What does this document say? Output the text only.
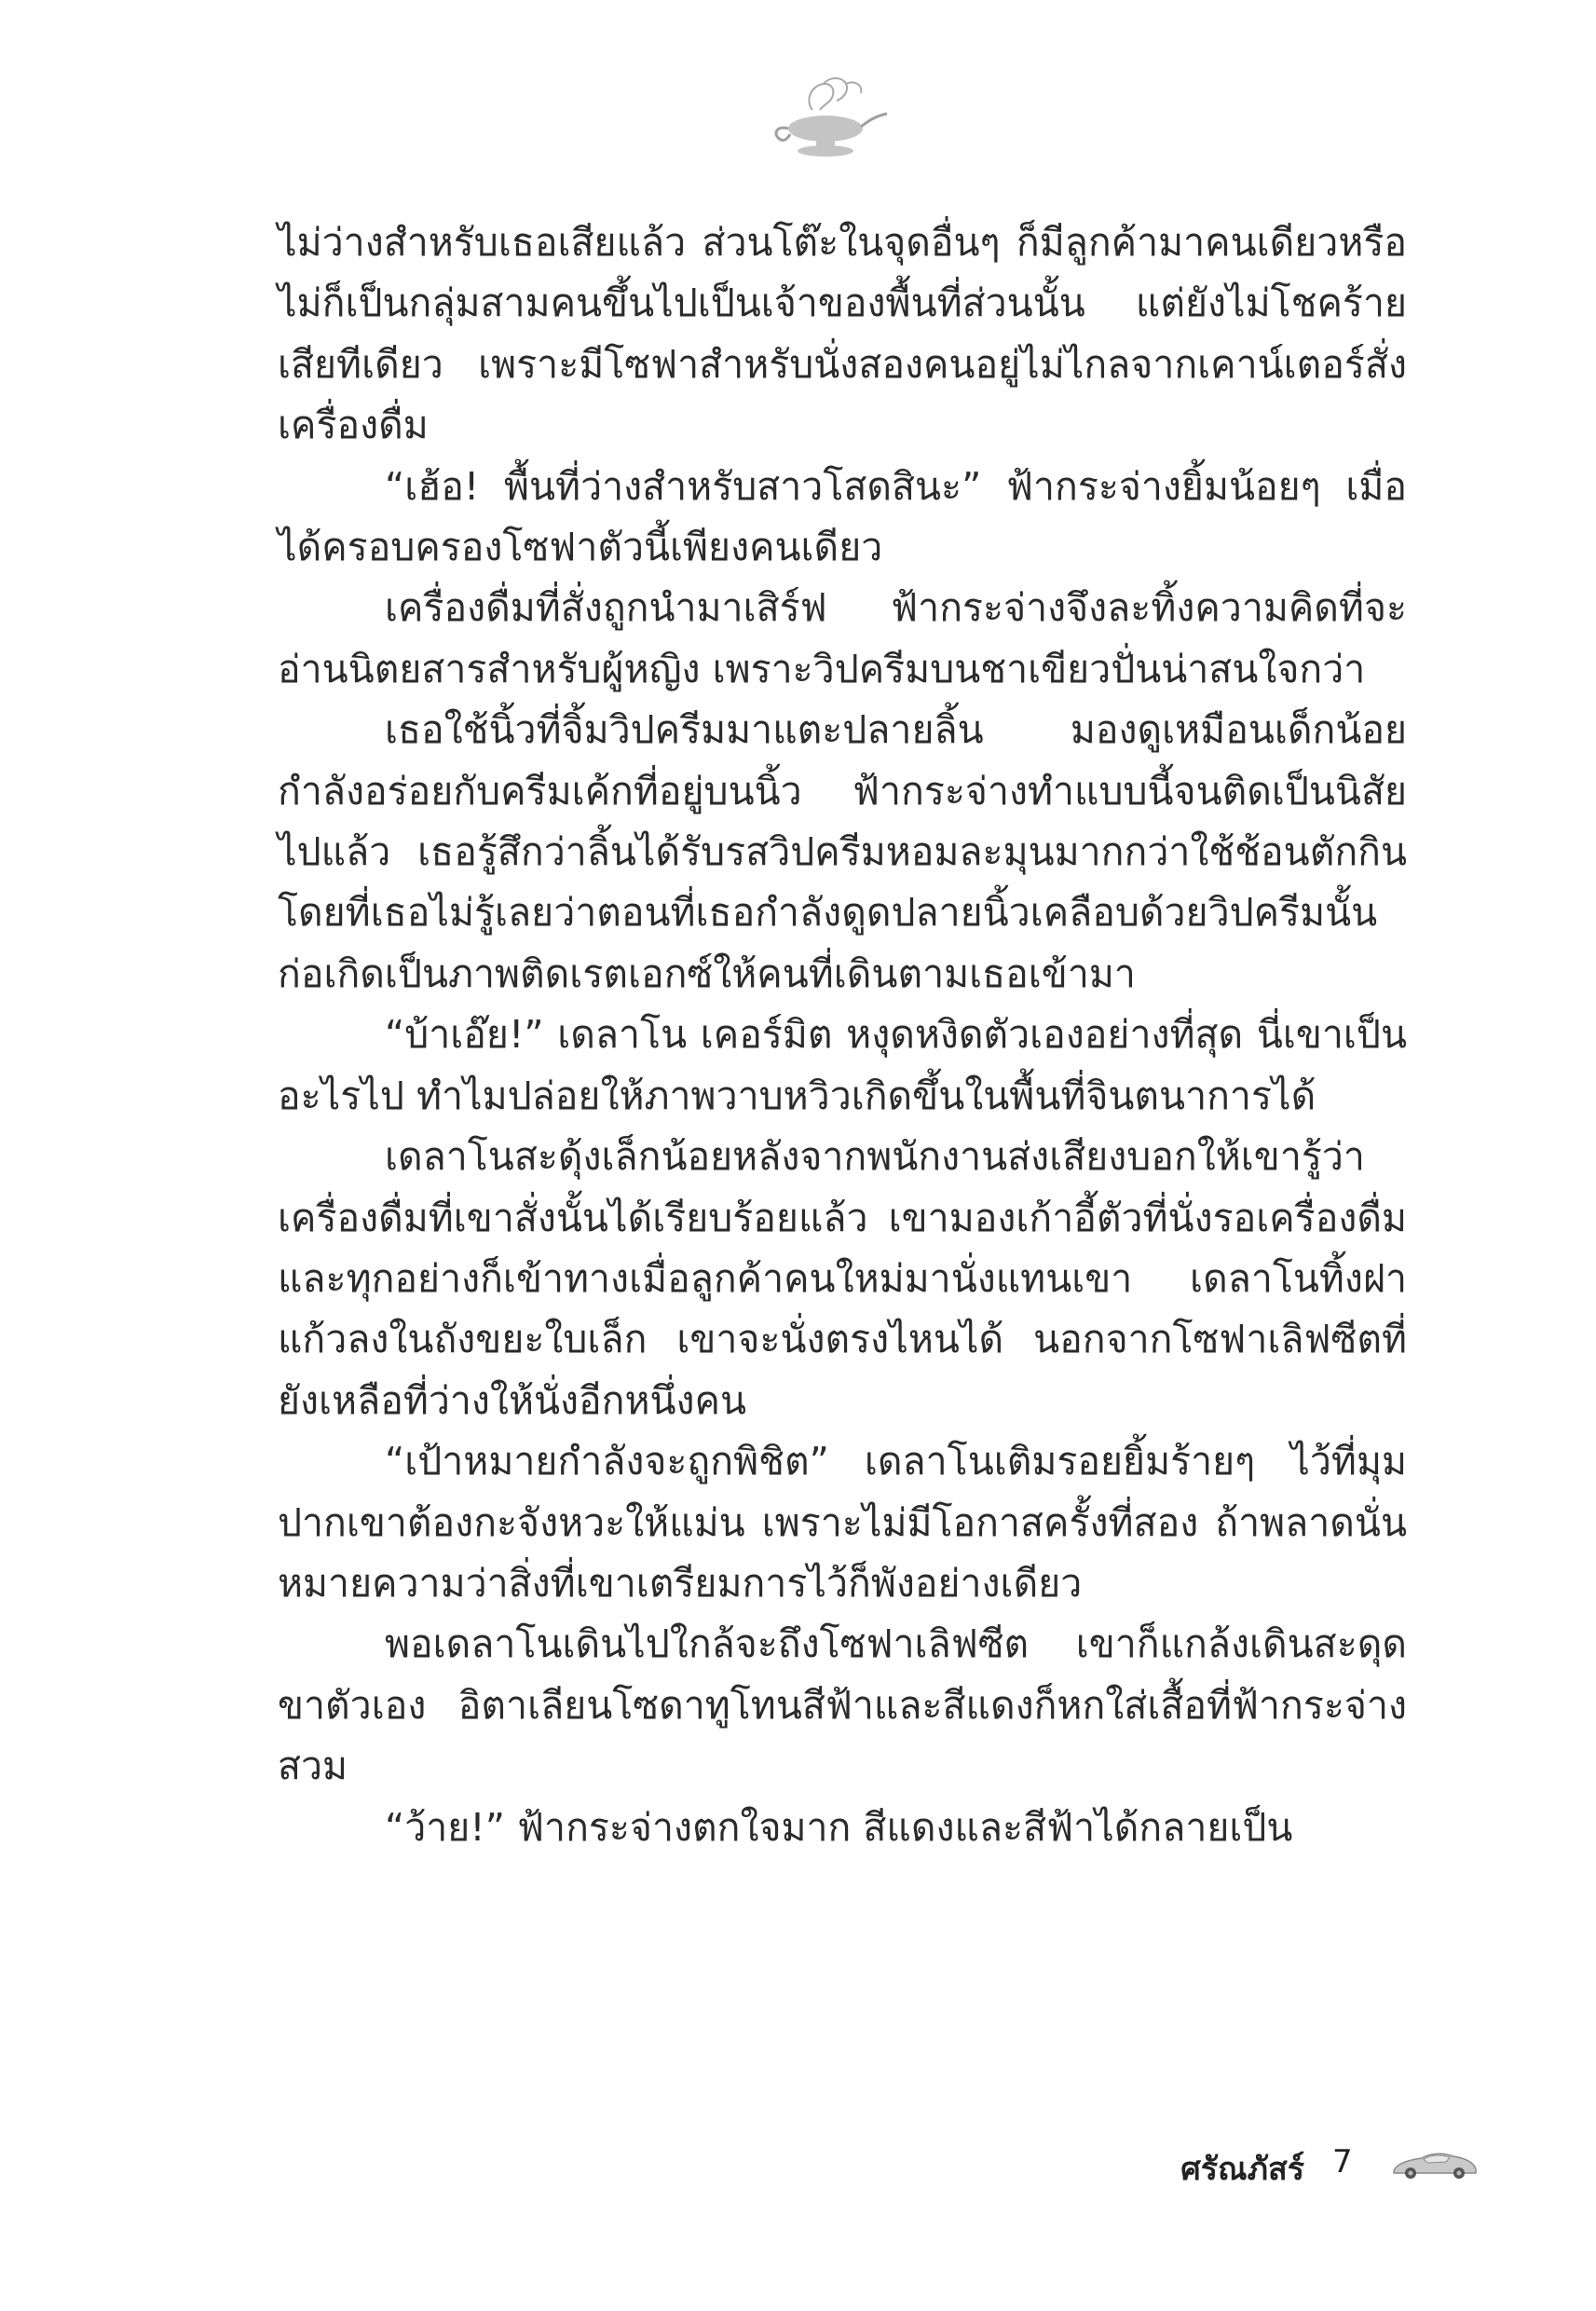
ไม่ว่างสำหรับเธอเสียแล้ว ส่วนโต๊ะในจุดอื่นๆ ก็มีลูกค้ามาคนเดียวหรือไม่ก็เป็นกลุ่มสามคนขึ้นไปเป็นเจ้าของพื้นที่ส่วนนั้น แต่ยังไม่โชคร้ายเสียทีเดียว เพราะมีโซฟาสำหรับนั่งสองคนอยู่ไม่ไกลจากเคาน์เตอร์สั่งเครื่องดื่ม

“เฮ้อ! พื้นที่ว่างสำหรับสาวโสดสินะ” ฟ้ากระจ่างยิ้มน้อยๆ เมื่อได้ครอบครองโซฟาตัวนี้เพียงคนเดียว

เครื่องดื่มที่สั่งถูกนำมาเสิร์ฟ ฟ้ากระจ่างจึงละทิ้งความคิดที่จะอ่านนิตยสารสำหรับผู้หญิง เพราะวิปครีมบนชาเขียวปั่นน่าสนใจกว่า

เธอใช้นิ้วที่จิ้มวิปครีมมาแตะปลายลิ้น มองดูเหมือนเด็กน้อยกำลังอร่อยกับครีมเค้กที่อยู่บนนิ้ว ฟ้ากระจ่างทำแบบนี้จนติดเป็นนิสัยไปแล้ว เธอรู้สึกว่าลิ้นได้รับรสวิปครีมหอมละมุนมากกว่าใช้ช้อนตักกินโดยที่เธอไม่รู้เลยว่าตอนที่เธอกำลังดูดปลายนิ้วเคลือบด้วยวิปครีมนั้นก่อเกิดเป็นภาพติดเรตเอกซ์ให้คนที่เดินตามเธอเข้ามา

“บ้าเอ๊ย!” เดลาโน เคอร์มิต หงุดหงิดตัวเองอย่างที่สุด นี่เขาเป็นอะไรไป ทำไมปล่อยให้ภาพวาบหวิวเกิดขึ้นในพื้นที่จินตนาการได้

เดลาโนสะดุ้งเล็กน้อยหลังจากพนักงานส่งเสียงบอกให้เขารู้ว่าเครื่องดื่มที่เขาสั่งนั้นได้เรียบร้อยแล้ว เขามองเก้าอี้ตัวที่นั่งรอเครื่องดื่มและทุกอย่างก็เข้าทางเมื่อลูกค้าคนใหม่มานั่งแทนเขา เดลาโนทิ้งฝาแก้วลงในถังขยะใบเล็ก เขาจะนั่งตรงไหนได้ นอกจากโซฟาเลิฟซีตที่ยังเหลือที่ว่างให้นั่งอีกหนึ่งคน

“เป้าหมายกำลังจะถูกพิชิต” เดลาโนเติมรอยยิ้มร้ายๆ ไว้ที่มุมปากเขาต้องกะจังหวะให้แม่น เพราะไม่มีโอกาสครั้งที่สอง ถ้าพลาดนั่นหมายความว่าสิ่งที่เขาเตรียมการไว้ก็พังอย่างเดียว

พอเดลาโนเดินไปใกล้จะถึงโซฟาเลิฟซีต เขาก็แกล้งเดินสะดุดขาตัวเอง อิตาเลียนโซดาทูโทนสีฟ้าและสีแดงก็หกใส่เสื้อที่ฟ้ากระจ่างสวม

“ว้าย!” ฟ้ากระจ่างตกใจมาก สีแดงและสีฟ้าได้กลายเป็น

ศรัณภัสร์ 7
